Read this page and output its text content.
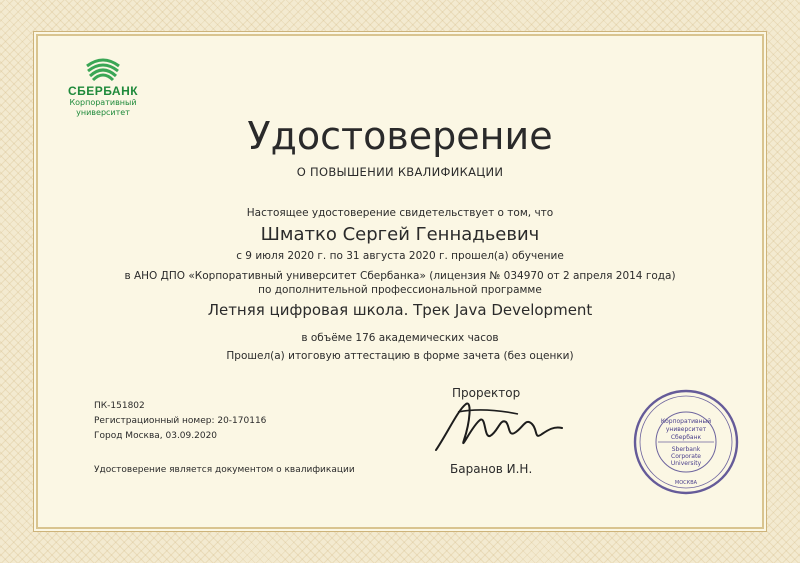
СБЕРБАНК
Корпоративный
университет
Удостоверение
О ПОВЫШЕНИИ КВАЛИФИКАЦИИ
Настоящее удостоверение свидетельствует о том, что
Шматко Сергей Геннадьевич
с 9 июля 2020 г. по 31 августа 2020 г. прошел(а) обучение
в АНО ДПО «Корпоративный университет Сбербанка» (лицензия № 034970 от 2 апреля 2014 года)
по дополнительной профессиональной программе
Летняя цифровая школа. Трек Java Development
в объёме 176 академических часов
Прошел(а) итоговую аттестацию в форме зачета (без оценки)
ПК-151802
Регистрационный номер: 20-170116
Город Москва, 03.09.2020
Удостоверение является документом о квалификации
Проректор
Баранов И.Н.
Корпоративный
университет
Сбербанк
Sberbank
Corporate
University
МОСКВА
